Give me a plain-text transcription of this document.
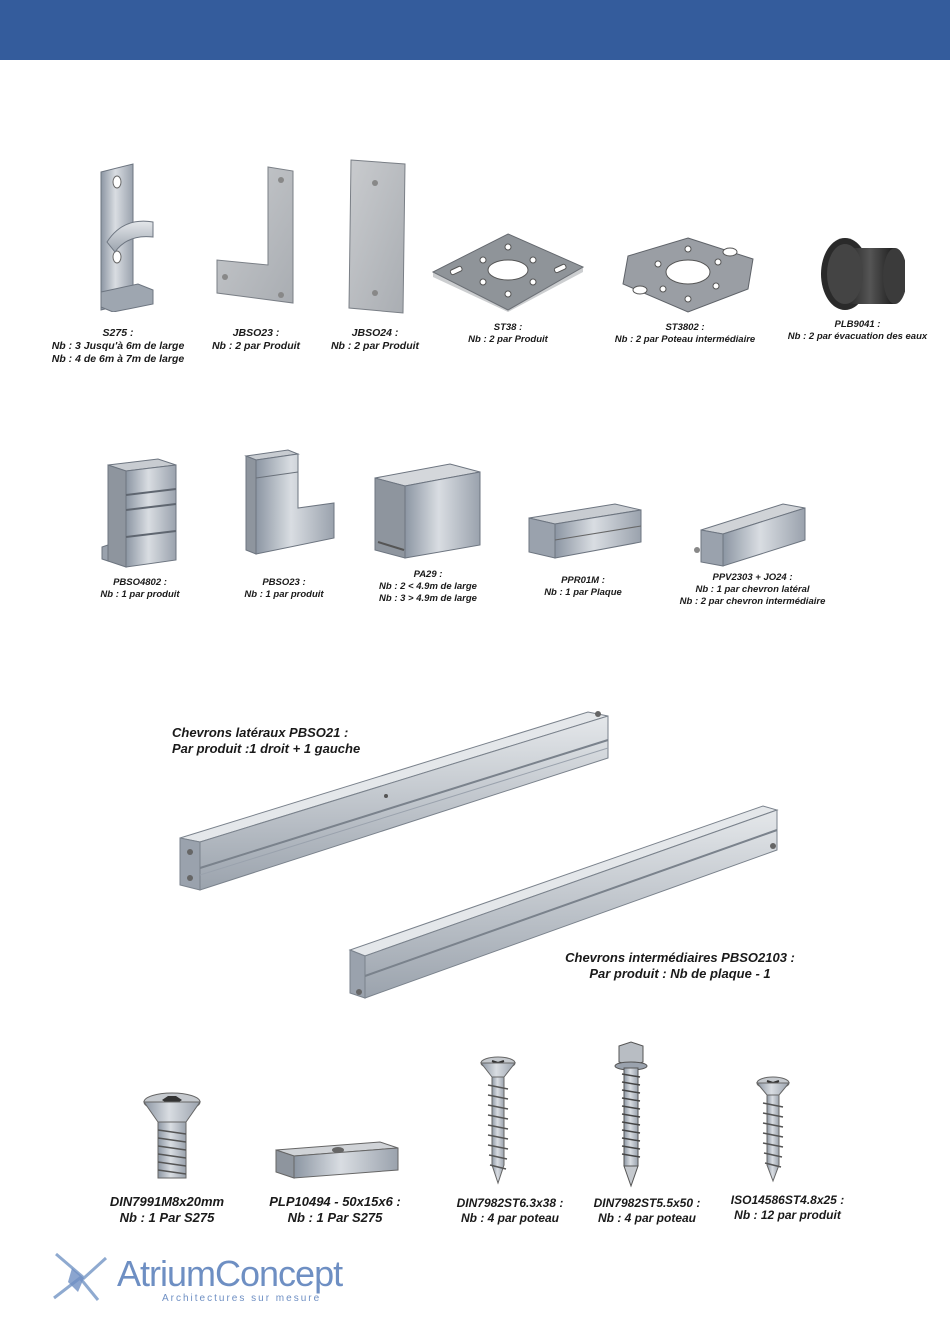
S275 :
Nb : 3 Jusqu'à 6m de large
Nb : 4 de 6m à 7m de large
JBSO23 :
Nb : 2 par Produit
JBSO24 :
Nb : 2 par Produit
ST38 :
Nb : 2 par Produit
ST3802 :
Nb : 2 par Poteau intermédiaire
PLB9041 :
Nb : 2 par évacuation des eaux
PBSO4802 :
Nb : 1 par produit
PBSO23 :
Nb : 1 par produit
PA29 :
Nb : 2 < 4.9m de large
Nb : 3 > 4.9m de large
PPR01M :
Nb : 1 par Plaque
PPV2303 + JO24 :
Nb : 1 par chevron latéral
Nb : 2 par chevron intermédiaire
Chevrons latéraux PBSO21 :
Par produit :1 droit + 1 gauche
Chevrons intermédiaires PBSO2103 :
Par produit : Nb de plaque - 1
DIN7991M8x20mm
Nb : 1 Par S275
PLP10494 - 50x15x6 :
Nb : 1 Par S275
DIN7982ST6.3x38 :
Nb : 4 par poteau
DIN7982ST5.5x50 :
Nb : 4 par poteau
ISO14586ST4.8x25 :
Nb : 12 par produit
AtriumConcept
Architectures sur mesure
